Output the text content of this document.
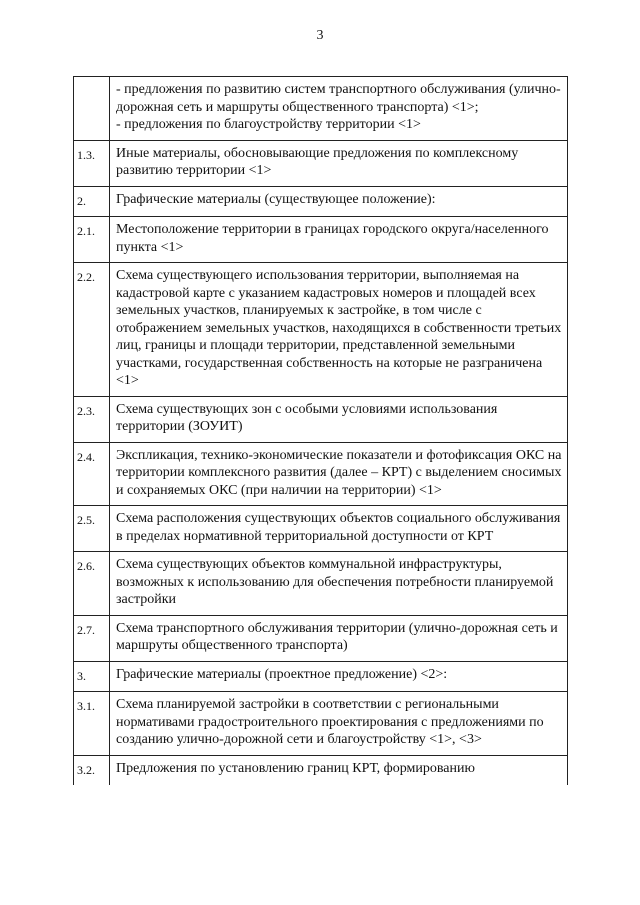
3

	- предложения по развитию систем транспортного обслуживания (улично-дорожная сеть и маршруты общественного транспорта) <1>;
- предложения по благоустройству территории <1>

1.3.	Иные материалы, обосновывающие предложения по комплексному развитию территории <1>

2.	Графические материалы (существующее положение):

2.1.	Местоположение территории в границах городского округа/населенного пункта <1>

2.2.	Схема существующего использования территории, выполняемая на кадастровой карте с указанием кадастровых номеров и площадей всех земельных участков, планируемых к застройке, в том числе с отображением земельных участков, находящихся в собственности третьих лиц, границы и площади территории, представленной земельными участками, государственная собственность на которые не разграничена <1>

2.3.	Схема существующих зон с особыми условиями использования территории (ЗОУИТ)

2.4.	Экспликация, технико-экономические показатели и фотофиксация ОКС на территории комплексного развития (далее – КРТ) с выделением сносимых и сохраняемых ОКС (при наличии на территории) <1>

2.5.	Схема расположения существующих объектов социального обслуживания в пределах нормативной территориальной доступности от КРТ

2.6.	Схема существующих объектов коммунальной инфраструктуры, возможных к использованию для обеспечения потребности планируемой застройки

2.7.	Схема транспортного обслуживания территории (улично-дорожная сеть и маршруты общественного транспорта)

3.	Графические материалы (проектное предложение) <2>:

3.1.	Схема планируемой застройки в соответствии с региональными нормативами градостроительного проектирования с предложениями по созданию улично-дорожной сети и благоустройству <1>, <3>

3.2.	Предложения по установлению границ КРТ, формированию
